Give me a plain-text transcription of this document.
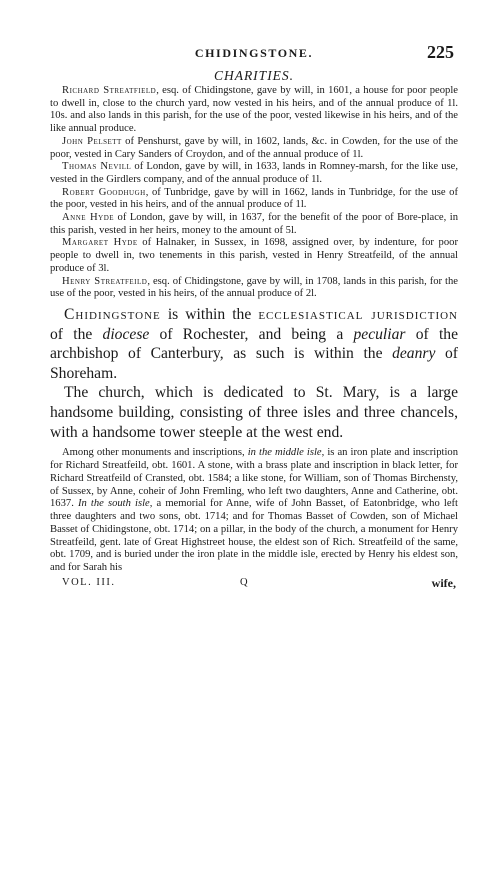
CHIDINGSTONE.	225
CHARITIES.

Richard Streatfield, esq. of Chidingstone, gave by will, in 1601, a house for poor people to dwell in, close to the church yard, now vested in his heirs, and of the annual produce of 1l. 10s. and also lands in this parish, for the use of the poor, vested likewise in his heirs, and of the like annual produce.

John Pelsett of Penshurst, gave by will, in 1602, lands, &c. in Cowden, for the use of the poor, vested in Cary Sanders of Croydon, and of the annual produce of 1l.

Thomas Nevill of London, gave by will, in 1633, lands in Romney-marsh, for the like use, vested in the Girdlers company, and of the annual produce of 1l.

Robert Goodhugh, of Tunbridge, gave by will in 1662, lands in Tunbridge, for the use of the poor, vested in his heirs, and of the annual produce of 1l.

Anne Hyde of London, gave by will, in 1637, for the benefit of the poor of Bore-place, in this parish, vested in her heirs, money to the amount of 5l.

Margaret Hyde of Halnaker, in Sussex, in 1698, assigned over, by indenture, for poor people to dwell in, two tenements in this parish, vested in Henry Streatfeild, of the annual produce of 3l.

Henry Streatfeild, esq. of Chidingstone, gave by will, in 1708, lands in this parish, for the use of the poor, vested in his heirs, of the annual produce of 2l.

Chidingstone is within the ecclesiastical jurisdiction of the diocese of Rochester, and being a peculiar of the archbishop of Canterbury, as such is within the deanry of Shoreham.

The church, which is dedicated to St. Mary, is a large handsome building, consisting of three isles and three chancels, with a handsome tower steeple at the west end.

Among other monuments and inscriptions, in the middle isle, is an iron plate and inscription for Richard Streatfeild, obt. 1601. A stone, with a brass plate and inscription in black letter, for Richard Streatfeild of Cransted, obt. 1584; a like stone, for William, son of Thomas Birchensty, of Sussex, by Anne, coheir of John Fremling, who left two daughters, Anne and Catherine, obt. 1637. In the south isle, a memorial for Anne, wife of John Basset, of Eatonbridge, who left three daughters and two sons, obt. 1714; and for Thomas Basset of Cowden, son of Michael Basset of Chidingstone, obt. 1714; on a pillar, in the body of the church, a monument for Henry Streatfeild, gent. late of Great Highstreet house, the eldest son of Rich. Streatfeild of the same, obt. 1709, and is buried under the iron plate in the middle isle, erected by Henry his eldest son, and for Sarah his

VOL. III.	Q	wife,
